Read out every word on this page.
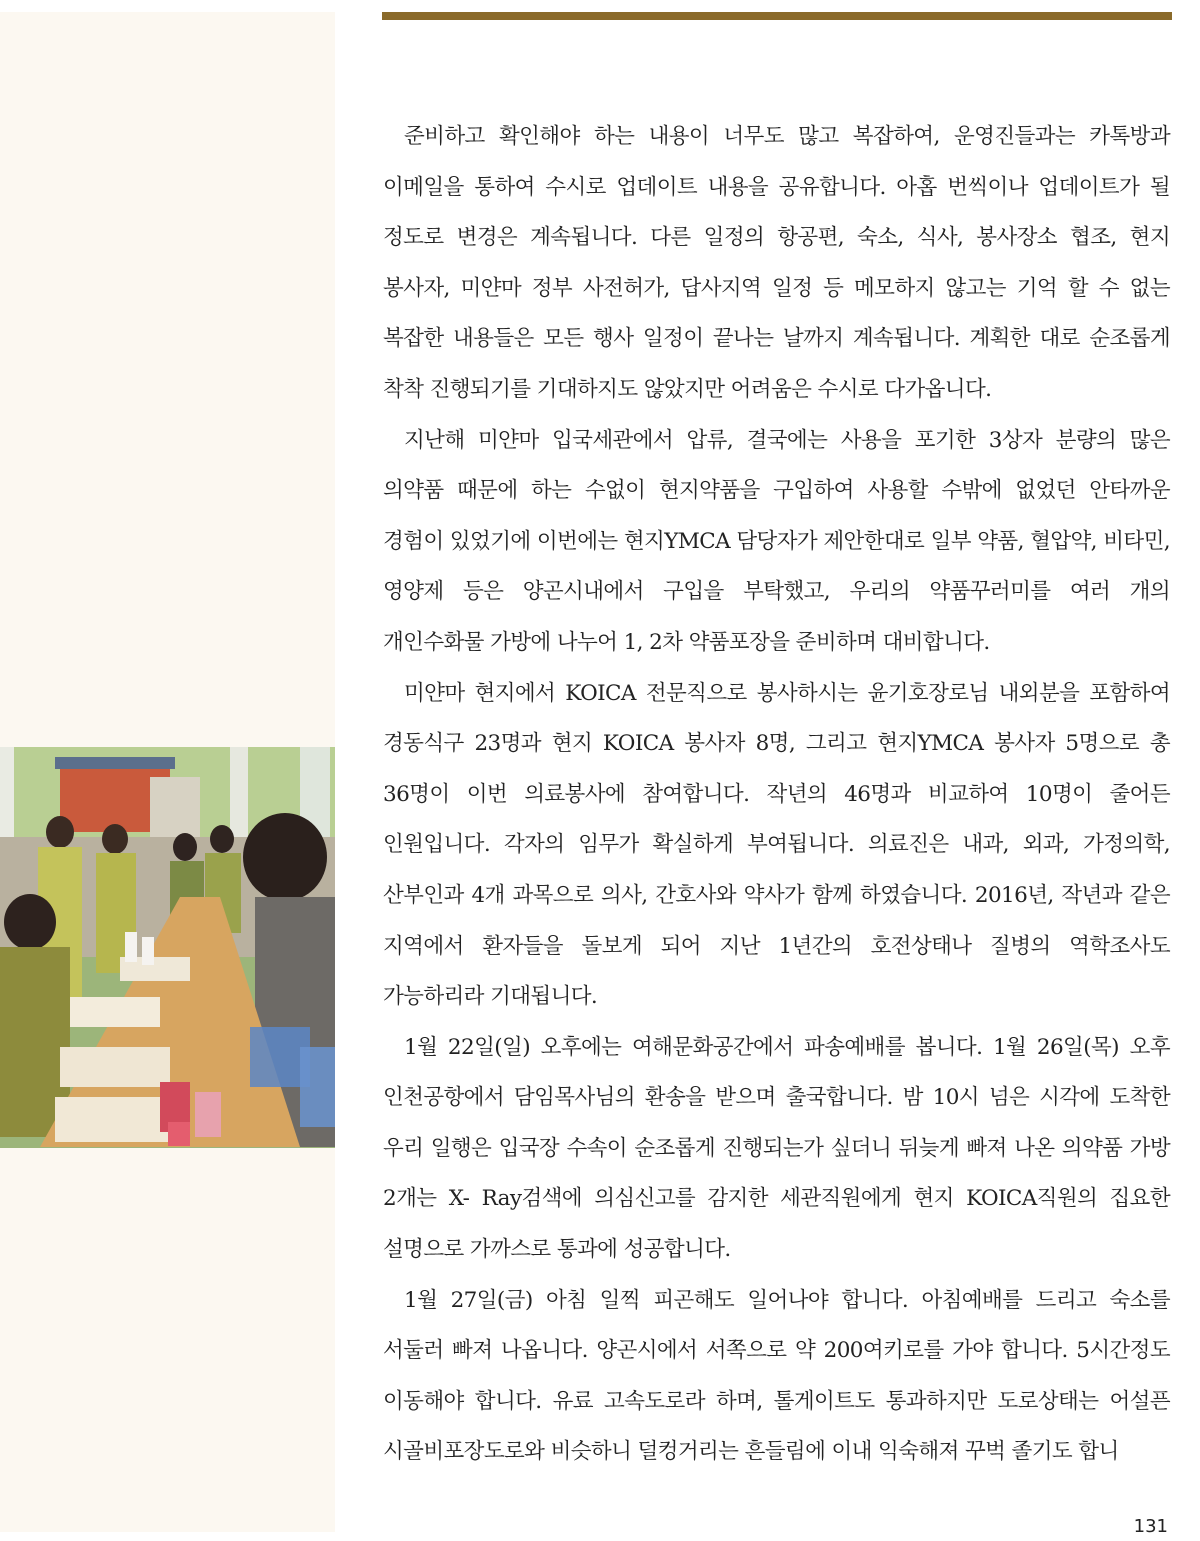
준비하고 확인해야 하는 내용이 너무도 많고 복잡하여, 운영진들과는 카톡방과 이메일을 통하여 수시로 업데이트 내용을 공유합니다. 아홉 번씩이나 업데이트가 될 정도로 변경은 계속됩니다. 다른 일정의 항공편, 숙소, 식사, 봉사장소 협조, 현지 봉사자, 미얀마 정부 사전허가, 답사지역 일정 등 메모하지 않고는 기억 할 수 없는 복잡한 내용들은 모든 행사 일정이 끝나는 날까지 계속됩니다. 계획한 대로 순조롭게 착착 진행되기를 기대하지도 않았지만 어려움은 수시로 다가옵니다.

지난해 미얀마 입국세관에서 압류, 결국에는 사용을 포기한 3상자 분량의 많은 의약품 때문에 하는 수없이 현지약품을 구입하여 사용할 수밖에 없었던 안타까운 경험이 있었기에 이번에는 현지YMCA 담당자가 제안한대로 일부 약품, 혈압약, 비타민, 영양제 등은 양곤시내에서 구입을 부탁했고, 우리의 약품꾸러미를 여러 개의 개인수화물 가방에 나누어 1, 2차 약품포장을 준비하며 대비합니다.

미얀마 현지에서 KOICA 전문직으로 봉사하시는 윤기호장로님 내외분을 포함하여 경동식구 23명과 현지 KOICA 봉사자 8명, 그리고 현지YMCA 봉사자 5명으로 총 36명이 이번 의료봉사에 참여합니다. 작년의 46명과 비교하여 10명이 줄어든 인원입니다. 각자의 임무가 확실하게 부여됩니다. 의료진은 내과, 외과, 가정의학, 산부인과 4개 과목으로 의사, 간호사와 약사가 함께 하였습니다. 2016년, 작년과 같은 지역에서 환자들을 돌보게 되어 지난 1년간의 호전상태나 질병의 역학조사도 가능하리라 기대됩니다.

1월 22일(일) 오후에는 여해문화공간에서 파송예배를 봅니다. 1월 26일(목) 오후 인천공항에서 담임목사님의 환송을 받으며 출국합니다. 밤 10시 넘은 시각에 도착한 우리 일행은 입국장 수속이 순조롭게 진행되는가 싶더니 뒤늦게 빠져 나온 의약품 가방 2개는 X- Ray검색에 의심신고를 감지한 세관직원에게 현지 KOICA직원의 집요한 설명으로 가까스로 통과에 성공합니다.

1월 27일(금) 아침 일찍 피곤해도 일어나야 합니다. 아침예배를 드리고 숙소를 서둘러 빠져 나옵니다. 양곤시에서 서쪽으로 약 200여키로를 가야 합니다. 5시간정도 이동해야 합니다. 유료 고속도로라 하며, 톨게이트도 통과하지만 도로상태는 어설픈 시골비포장도로와 비슷하니 덜컹거리는 흔들림에 이내 익숙해져 꾸벅 졸기도 합니

131
